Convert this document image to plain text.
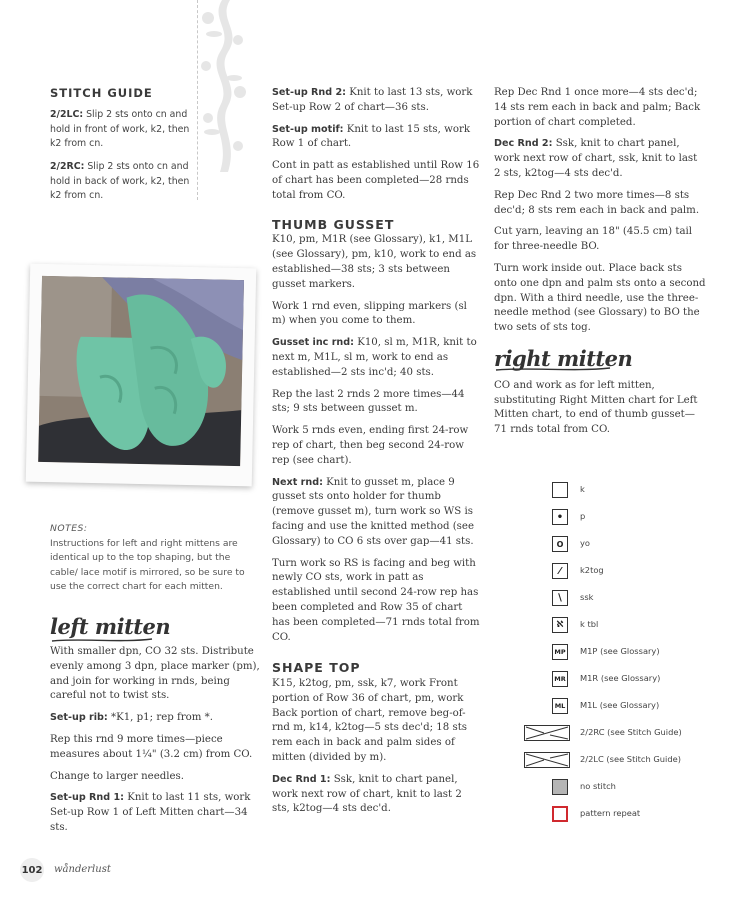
STITCH GUIDE
2/2LC: Slip 2 sts onto cn and hold in front of work, k2, then k2 from cn.
2/2RC: Slip 2 sts onto cn and hold in back of work, k2, then k2 from cn.
NOTES:
Instructions for left and right mittens are identical up to the top shaping, but the cable/ lace motif is mirrored, so be sure to use the correct chart for each mitten.
left mitten

With smaller dpn, CO 32 sts. Distribute evenly among 3 dpn, place marker (pm), and join for working in rnds, being careful not to twist sts.

Set-up rib: *K1, p1; rep from *.

Rep this rnd 9 more times—piece measures about 1¼" (3.2 cm) from CO.

Change to larger needles.

Set-up Rnd 1: Knit to last 11 sts, work Set-up Row 1 of Left Mitten chart—34 sts.

Set-up Rnd 2: Knit to last 13 sts, work Set-up Row 2 of chart—36 sts.

Set-up motif: Knit to last 15 sts, work Row 1 of chart.

Cont in patt as established until Row 16 of chart has been completed—28 rnds total from CO.

THUMB GUSSET

K10, pm, M1R (see Glossary), k1, M1L (see Glossary), pm, k10, work to end as established—38 sts; 3 sts between gusset markers.

Work 1 rnd even, slipping markers (sl m) when you come to them.

Gusset inc rnd: K10, sl m, M1R, knit to next m, M1L, sl m, work to end as established—2 sts inc'd; 40 sts.

Rep the last 2 rnds 2 more times—44 sts; 9 sts between gusset m.

Work 5 rnds even, ending first 24-row rep of chart, then beg second 24-row rep (see chart).

Next rnd: Knit to gusset m, place 9 gusset sts onto holder for thumb (remove gusset m), turn work so WS is facing and use the knitted method (see Glossary) to CO 6 sts over gap—41 sts.

Turn work so RS is facing and beg with newly CO sts, work in patt as established until second 24-row rep has been completed and Row 35 of chart has been completed—71 rnds total from CO.

SHAPE TOP

K15, k2tog, pm, ssk, k7, work Front portion of Row 36 of chart, pm, work Back portion of chart, remove beg-of-rnd m, k14, k2tog—5 sts dec'd; 18 sts rem each in back and palm sides of mitten (divided by m).

Dec Rnd 1: Ssk, knit to chart panel, work next row of chart, knit to last 2 sts, k2tog—4 sts dec'd.

Rep Dec Rnd 1 once more—4 sts dec'd; 14 sts rem each in back and palm; Back portion of chart completed.

Dec Rnd 2: Ssk, knit to chart panel, work next row of chart, ssk, knit to last 2 sts, k2tog—4 sts dec'd.

Rep Dec Rnd 2 two more times—8 sts dec'd; 8 sts rem each in back and palm.

Cut yarn, leaving an 18" (45.5 cm) tail for three-needle BO.

Turn work inside out. Place back sts onto one dpn and palm sts onto a second dpn. With a third needle, use the three-needle method (see Glossary) to BO the two sets of sts tog.

right mitten

CO and work as for left mitten, substituting Right Mitten chart for Left Mitten chart, to end of thumb gusset—71 rnds total from CO.

k
•	p
O	yo
⁄	k2tog
∖	ssk
ℵ	k tbl
MP M1P (see Glossary)
MR M1R (see Glossary)
ML	M1L (see Glossary)
2/2RC (see Stitch Guide)
2/2LC (see Stitch Guide)
no stitch
pattern repeat
102 wånderlust
